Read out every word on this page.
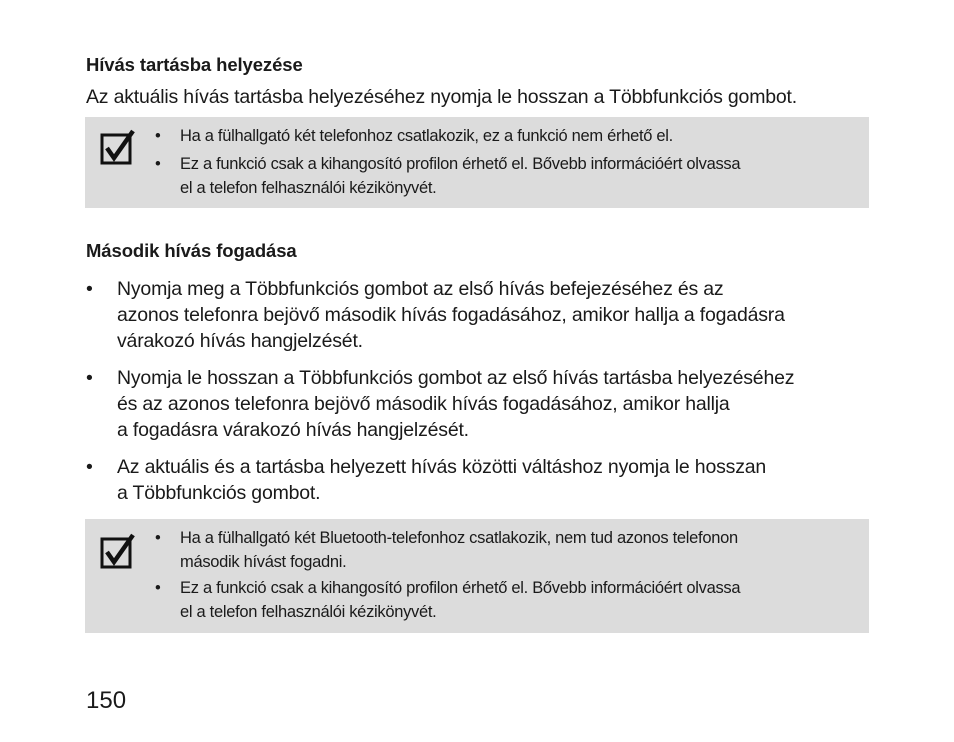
Hívás tartásba helyezése
Az aktuális hívás tartásba helyezéséhez nyomja le hosszan a Többfunkciós gombot.
• Ha a fülhallgató két telefonhoz csatlakozik, ez a funkció nem érhető el.
• Ez a funkció csak a kihangosító profilon érhető el. Bővebb információért olvassa
el a telefon felhasználói kézikönyvét.
Második hívás fogadása
• Nyomja meg a Többfunkciós gombot az első hívás befejezéséhez és az
azonos telefonra bejövő második hívás fogadásához, amikor hallja a fogadásra
várakozó hívás hangjelzését.
• Nyomja le hosszan a Többfunkciós gombot az első hívás tartásba helyezéséhez
és az azonos telefonra bejövő második hívás fogadásához, amikor hallja
a fogadásra várakozó hívás hangjelzését.
• Az aktuális és a tartásba helyezett hívás közötti váltáshoz nyomja le hosszan
a Többfunkciós gombot.
• Ha a fülhallgató két Bluetooth-telefonhoz csatlakozik, nem tud azonos telefonon
második hívást fogadni.
• Ez a funkció csak a kihangosító profilon érhető el. Bővebb információért olvassa
el a telefon felhasználói kézikönyvét.
150
